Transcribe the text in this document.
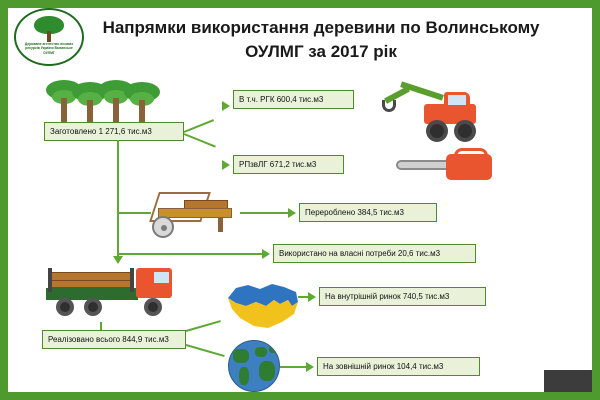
Державне агентство лісових ресурсів України Волинське ОУЛМГ
Напрямки використання деревини по Волинському ОУЛМГ за 2017 рік
Заготовлено 1 271,6 тис.м3
В т.ч. РГК 600,4 тис.м3
РПзвЛГ 671,2 тис.м3
Перероблено 384,5 тис.м3
Використано на власні потреби 20,6 тис.м3
Реалізовано всього 844,9 тис.м3
На внутрішній ринок 740,5 тис.м3
На зовнішній ринок 104,4 тис.м3
